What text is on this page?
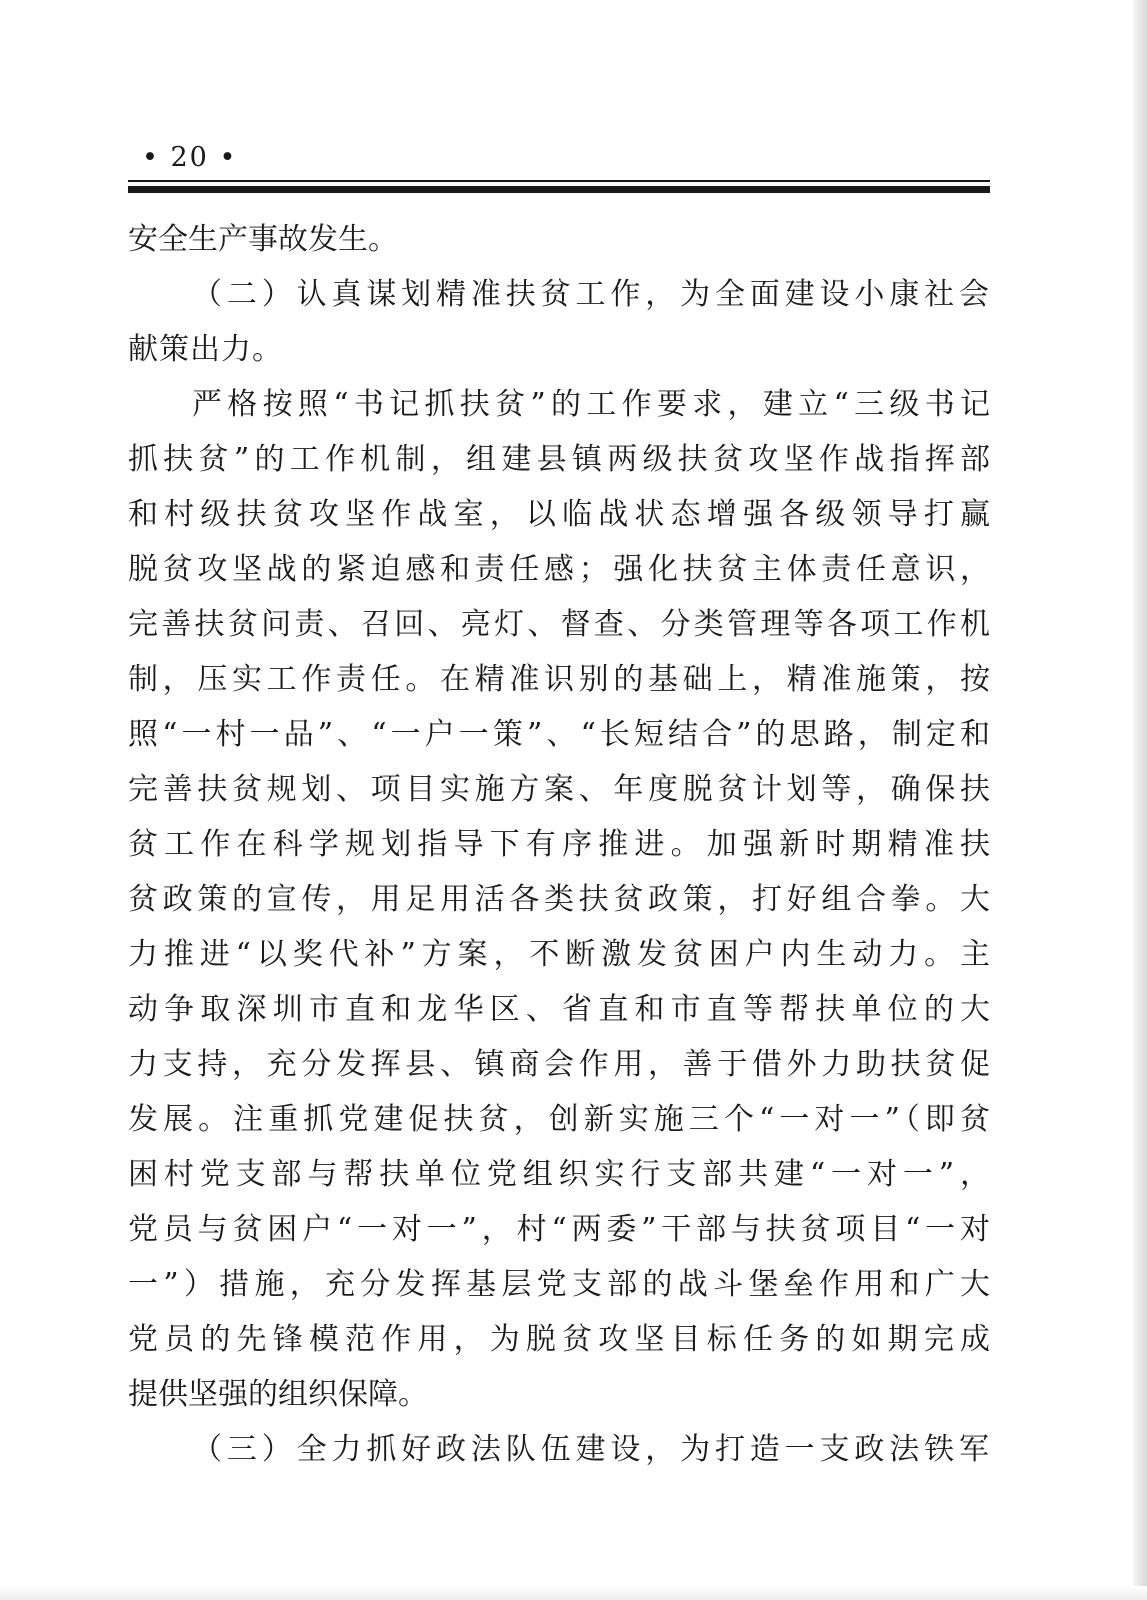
• 20 •
安全生产事故发生。
（二）认真谋划精准扶贫工作，为全面建设小康社会
献策出力。
严格按照“书记抓扶贫”的工作要求，建立“三级书记
抓扶贫”的工作机制，组建县镇两级扶贫攻坚作战指挥部
和村级扶贫攻坚作战室，以临战状态增强各级领导打赢
脱贫攻坚战的紧迫感和责任感；强化扶贫主体责任意识，
完善扶贫问责、召回、亮灯、督查、分类管理等各项工作机
制，压实工作责任。在精准识别的基础上，精准施策，按
照“一村一品”、“一户一策”、“长短结合”的思路，制定和
完善扶贫规划、项目实施方案、年度脱贫计划等，确保扶
贫工作在科学规划指导下有序推进。加强新时期精准扶
贫政策的宣传，用足用活各类扶贫政策，打好组合拳。大
力推进“以奖代补”方案，不断激发贫困户内生动力。主
动争取深圳市直和龙华区、省直和市直等帮扶单位的大
力支持，充分发挥县、镇商会作用，善于借外力助扶贫促
发展。注重抓党建促扶贫，创新实施三个“一对一”（即贫
困村党支部与帮扶单位党组织实行支部共建“一对一”，
党员与贫困户“一对一”，村“两委”干部与扶贫项目“一对
一”）措施，充分发挥基层党支部的战斗堡垒作用和广大
党员的先锋模范作用，为脱贫攻坚目标任务的如期完成
提供坚强的组织保障。
（三）全力抓好政法队伍建设，为打造一支政法铁军
